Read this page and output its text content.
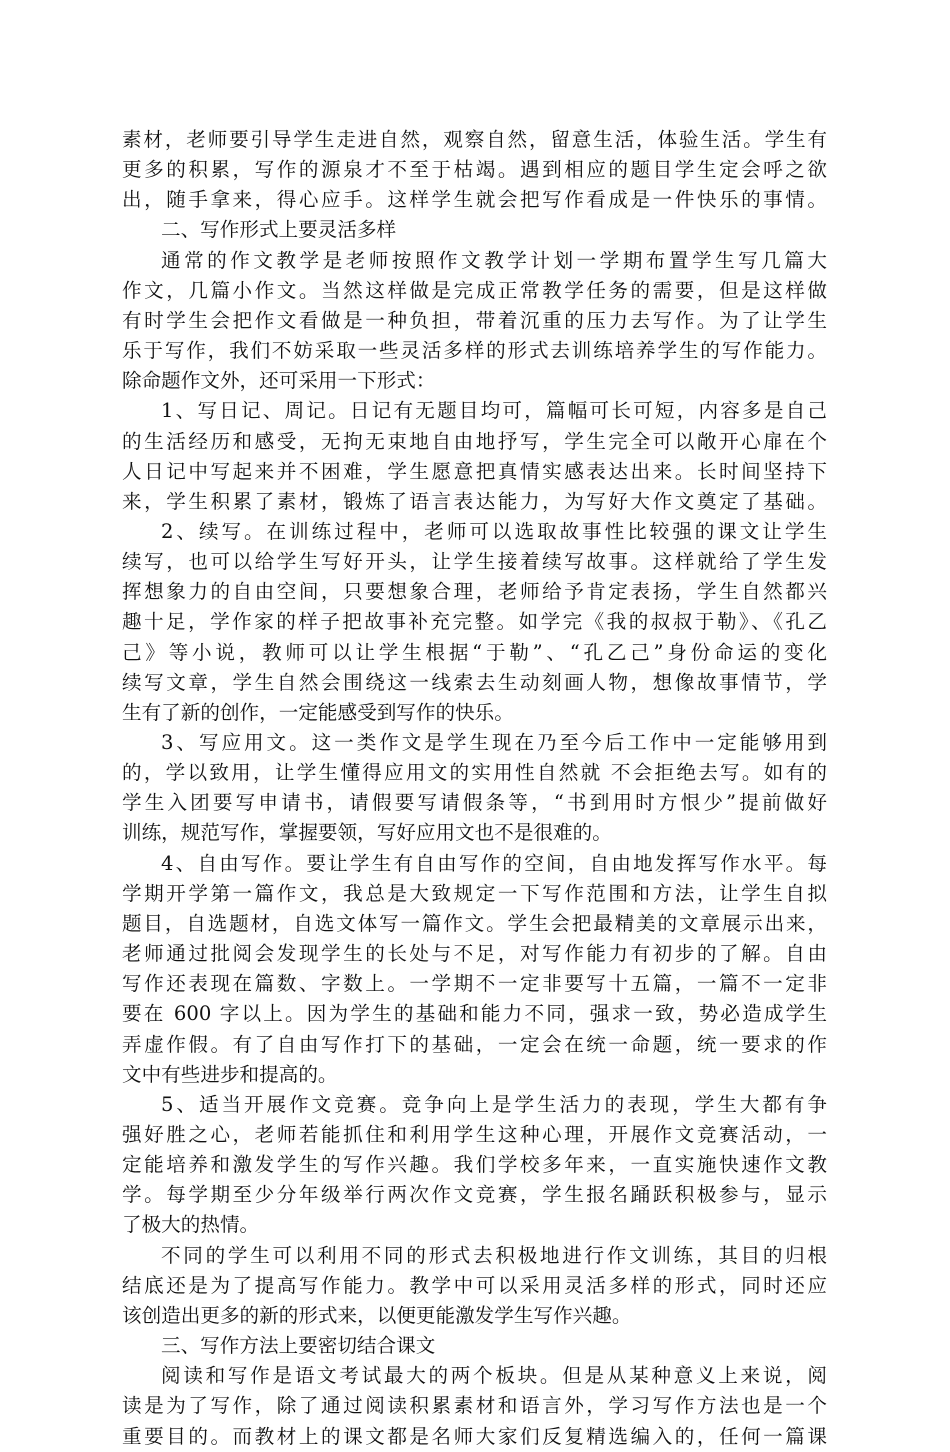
素材，老师要引导学生走进自然，观察自然，留意生活，体验生活。学生有
更多的积累，写作的源泉才不至于枯竭。遇到相应的题目学生定会呼之欲
出，随手拿来，得心应手。这样学生就会把写作看成是一件快乐的事情。
二、写作形式上要灵活多样
通常的作文教学是老师按照作文教学计划一学期布置学生写几篇大
作文，几篇小作文。当然这样做是完成正常教学任务的需要，但是这样做
有时学生会把作文看做是一种负担，带着沉重的压力去写作。为了让学生
乐于写作，我们不妨采取一些灵活多样的形式去训练培养学生的写作能力。
除命题作文外，还可采用一下形式：
1、写日记、周记。日记有无题目均可，篇幅可长可短，内容多是自己
的生活经历和感受，无拘无束地自由地抒写，学生完全可以敞开心扉在个
人日记中写起来并不困难，学生愿意把真情实感表达出来。长时间坚持下
来，学生积累了素材，锻炼了语言表达能力，为写好大作文奠定了基础。
2、续写。在训练过程中，老师可以选取故事性比较强的课文让学生
续写，也可以给学生写好开头，让学生接着续写故事。这样就给了学生发
挥想象力的自由空间，只要想象合理，老师给予肯定表扬，学生自然都兴
趣十足，学作家的样子把故事补充完整。如学完《我的叔叔于勒》、《孔乙
己》等小说，教师可以让学生根据“于勒”、“孔乙己”身份命运的变化
续写文章，学生自然会围绕这一线索去生动刻画人物，想像故事情节，学
生有了新的创作，一定能感受到写作的快乐。
3、写应用文。这一类作文是学生现在乃至今后工作中一定能够用到
的，学以致用，让学生懂得应用文的实用性自然就 不会拒绝去写。如有的
学生入团要写申请书，请假要写请假条等，“书到用时方恨少”提前做好
训练，规范写作，掌握要领，写好应用文也不是很难的。
4、自由写作。要让学生有自由写作的空间，自由地发挥写作水平。每
学期开学第一篇作文，我总是大致规定一下写作范围和方法，让学生自拟
题目，自选题材，自选文体写一篇作文。学生会把最精美的文章展示出来，
老师通过批阅会发现学生的长处与不足，对写作能力有初步的了解。自由
写作还表现在篇数、字数上。一学期不一定非要写十五篇，一篇不一定非
要在 600 字以上。因为学生的基础和能力不同，强求一致，势必造成学生
弄虚作假。有了自由写作打下的基础，一定会在统一命题，统一要求的作
文中有些进步和提高的。
5、适当开展作文竞赛。竞争向上是学生活力的表现，学生大都有争
强好胜之心，老师若能抓住和利用学生这种心理，开展作文竞赛活动，一
定能培养和激发学生的写作兴趣。我们学校多年来，一直实施快速作文教
学。每学期至少分年级举行两次作文竞赛，学生报名踊跃积极参与，显示
了极大的热情。
不同的学生可以利用不同的形式去积极地进行作文训练，其目的归根
结底还是为了提高写作能力。教学中可以采用灵活多样的形式，同时还应
该创造出更多的新的形式来，以便更能激发学生写作兴趣。
三、写作方法上要密切结合课文
阅读和写作是语文考试最大的两个板块。但是从某种意义上来说，阅
读是为了写作，除了通过阅读积累素材和语言外，学习写作方法也是一个
重要目的。而教材上的课文都是名师大家们反复精选编入的，任何一篇课
